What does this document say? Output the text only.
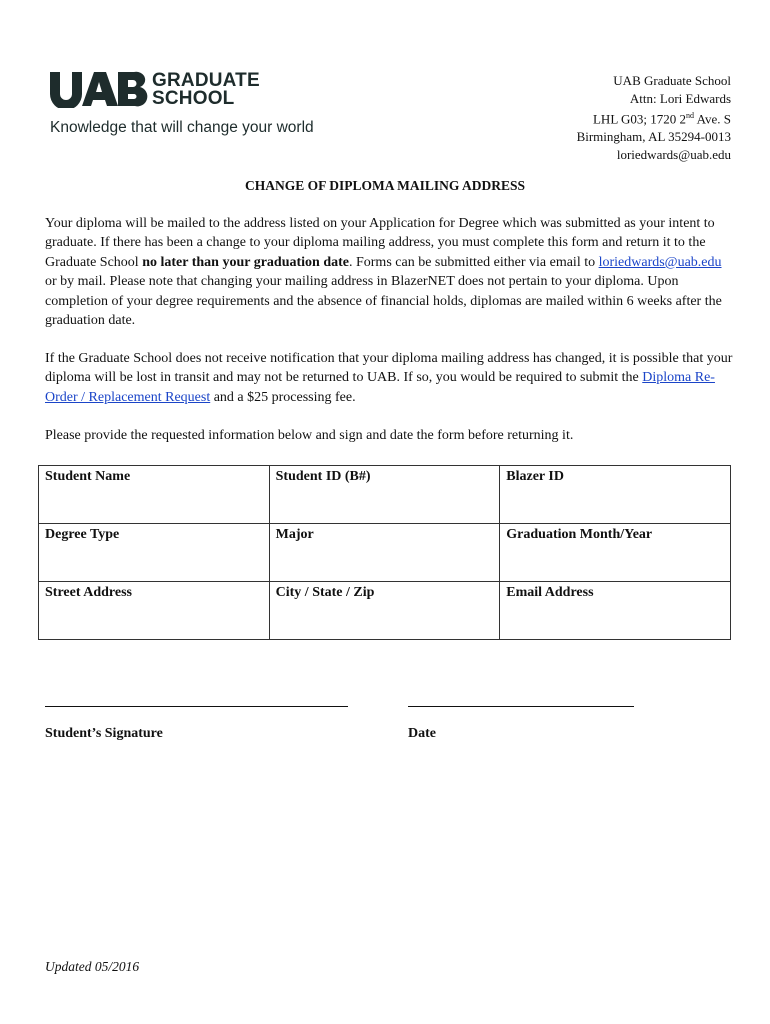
GRADUATE
SCHOOL
Knowledge that will change your world
UAB Graduate School
Attn: Lori Edwards
LHL G03; 1720 2nd Ave. S
Birmingham, AL 35294-0013
loriedwards@uab.edu
CHANGE OF DIPLOMA MAILING ADDRESS
Your diploma will be mailed to the address listed on your Application for Degree which was submitted as your intent to graduate. If there has been a change to your diploma mailing address, you must complete this form and return it to the Graduate School no later than your graduation date. Forms can be submitted either via email to loriedwards@uab.edu or by mail. Please note that changing your mailing address in BlazerNET does not pertain to your diploma. Upon completion of your degree requirements and the absence of financial holds, diplomas are mailed within 6 weeks after the graduation date.
If the Graduate School does not receive notification that your diploma mailing address has changed, it is possible that your diploma will be lost in transit and may not be returned to UAB. If so, you would be required to submit the Diploma Re-Order / Replacement Request and a $25 processing fee.
Please provide the requested information below and sign and date the form before returning it.
Student Name	Student ID (B#)	Blazer ID
Degree Type	Major	Graduation Month/Year
Street Address	City / State / Zip	Email Address
Student’s Signature	Date
Updated 05/2016
